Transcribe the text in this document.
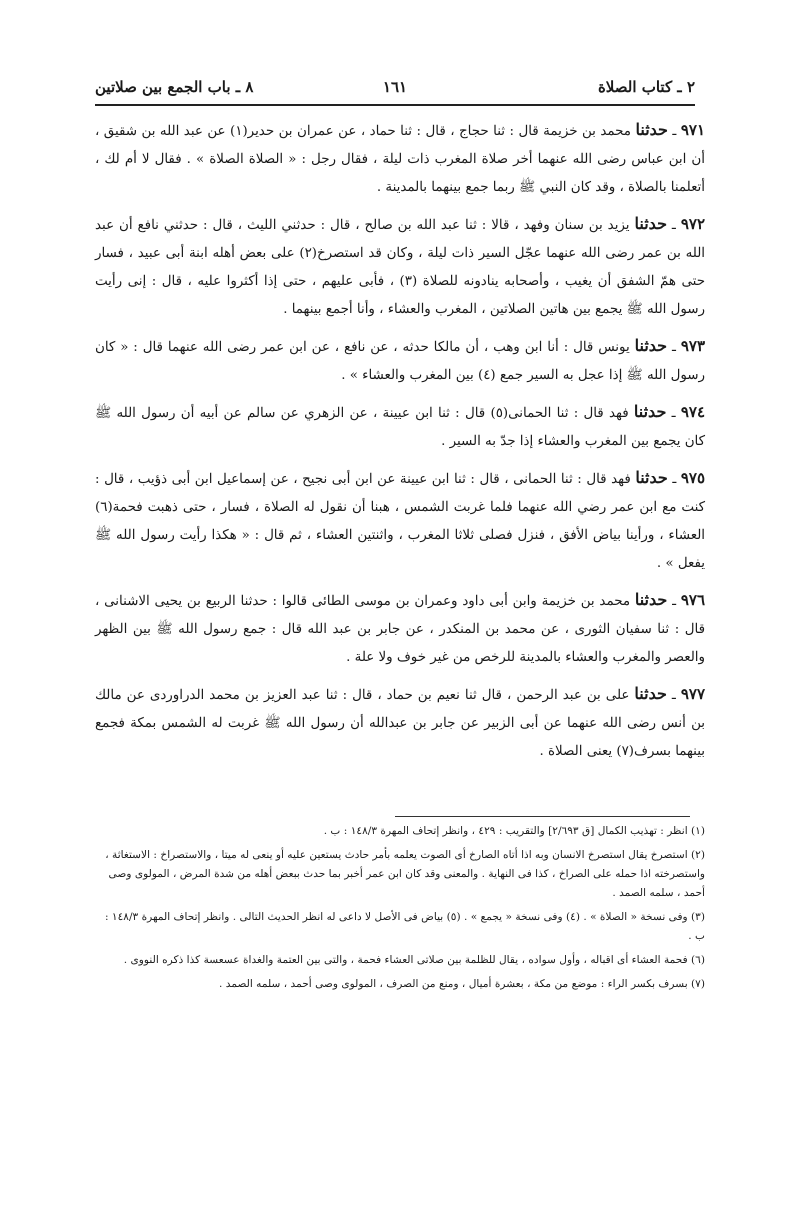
٢ ـ كتاب الصلاة
١٦١
٨ ـ باب الجمع بين صلاتين

٩٧١ ـ حدثنا محمد بن خزيمة قال : ثنا حجاج ، قال : ثنا حماد ، عن عمران بن حدير(١) عن عبد الله بن شقيق ، أن ابن عباس رضى الله عنهما أخر صلاة المغرب ذات ليلة ، فقال رجل : « الصلاة الصلاة » . فقال لا أم لك ، أتعلمنا بالصلاة ، وقد كان النبي ﷺ ربما جمع بينهما بالمدينة .

٩٧٢ ـ حدثنا يزيد بن سنان وفهد ، قالا : ثنا عبد الله بن صالح ، قال : حدثني الليث ، قال : حدثني نافع أن عبد الله بن عمر رضى الله عنهما عجّل السير ذات ليلة ، وكان قد استصرخ(٢) على بعض أهله ابنة أبى عبيد ، فسار حتى همّ الشفق أن يغيب ، وأصحابه ينادونه للصلاة (٣) ، فأبى عليهم ، حتى إذا أكثروا عليه ، قال : إنى رأيت رسول الله ﷺ يجمع بين هاتين الصلاتين ، المغرب والعشاء ، وأنا أجمع بينهما .

٩٧٣ ـ حدثنا يونس قال : أنا ابن وهب ، أن مالكا حدثه ، عن نافع ، عن ابن عمر رضى الله عنهما قال : « كان رسول الله ﷺ إذا عجل به السير جمع (٤) بين المغرب والعشاء » .

٩٧٤ ـ حدثنا فهد قال : ثنا الحمانى(٥) قال : ثنا ابن عيينة ، عن الزهري عن سالم عن أبيه أن رسول الله ﷺ كان يجمع بين المغرب والعشاء إذا جدّ به السير .

٩٧٥ ـ حدثنا فهد قال : ثنا الحمانى ، قال : ثنا ابن عيينة عن ابن أبى نجيح ، عن إسماعيل ابن أبى ذؤيب ، قال : كنت مع ابن عمر رضي الله عنهما فلما غربت الشمس ، هبنا أن نقول له الصلاة ، فسار ، حتى ذهبت فحمة(٦) العشاء ، ورأينا بياض الأفق ، فنزل فصلى ثلاثا المغرب ، واثنتين العشاء ، ثم قال : « هكذا رأيت رسول الله ﷺ يفعل » .

٩٧٦ ـ حدثنا محمد بن خزيمة وابن أبى داود وعمران بن موسى الطائى قالوا : حدثنا الربيع بن يحيى الاشنانى ، قال : ثنا سفيان الثورى ، عن محمد بن المنكدر ، عن جابر بن عبد الله قال : جمع رسول الله ﷺ بين الظهر والعصر والمغرب والعشاء بالمدينة للرخص من غير خوف ولا علة .

٩٧٧ ـ حدثنا على بن عبد الرحمن ، قال ثنا نعيم بن حماد ، قال : ثنا عبد العزيز بن محمد الدراوردى عن مالك بن أنس رضى الله عنهما عن أبى الزبير عن جابر بن عبدالله أن رسول الله ﷺ غربت له الشمس بمكة فجمع بينهما بسرف(٧) يعنى الصلاة .

(١) انظر : تهذيب الكمال [ق ٢/٦٩٣] والتقريب : ٤٢٩ ، وانظر إتحاف المهرة ١٤٨/٣ : ب .

(٢) استصرخ يقال استصرخ الانسان وبه اذا أتاه الصارخ أى الصوت يعلمه بأمر حادث يستعين عليه أو ينعى له ميتا ، والاستصراخ : الاستغاثة ، واستصرخته اذا حمله على الصراخ ، كذا فى النهاية . والمعنى وقد كان ابن عمر أخبر بما حدث ببعض أهله من شدة المرض ، المولوى وصى أحمد ، سلمه الصمد .

(٣) وفى نسخة « الصلاة » . (٤) وفى نسخة « يجمع » . (٥) بياض فى الأصل لا داعى له انظر الحديث التالى . وانظر إتحاف المهرة ١٤٨/٣ : ب .

(٦) فحمة العشاء أى اقباله ، وأول سواده ، يقال للظلمة بين صلاتى العشاء فحمة ، والتى بين العتمة والغداة عسعسة كذا ذكره النووى .

(٧) بسرف بكسر الراء : موضع من مكة ، بعشرة أميال ، ومنع من الصرف ، المولوى وصى أحمد ، سلمه الصمد .
